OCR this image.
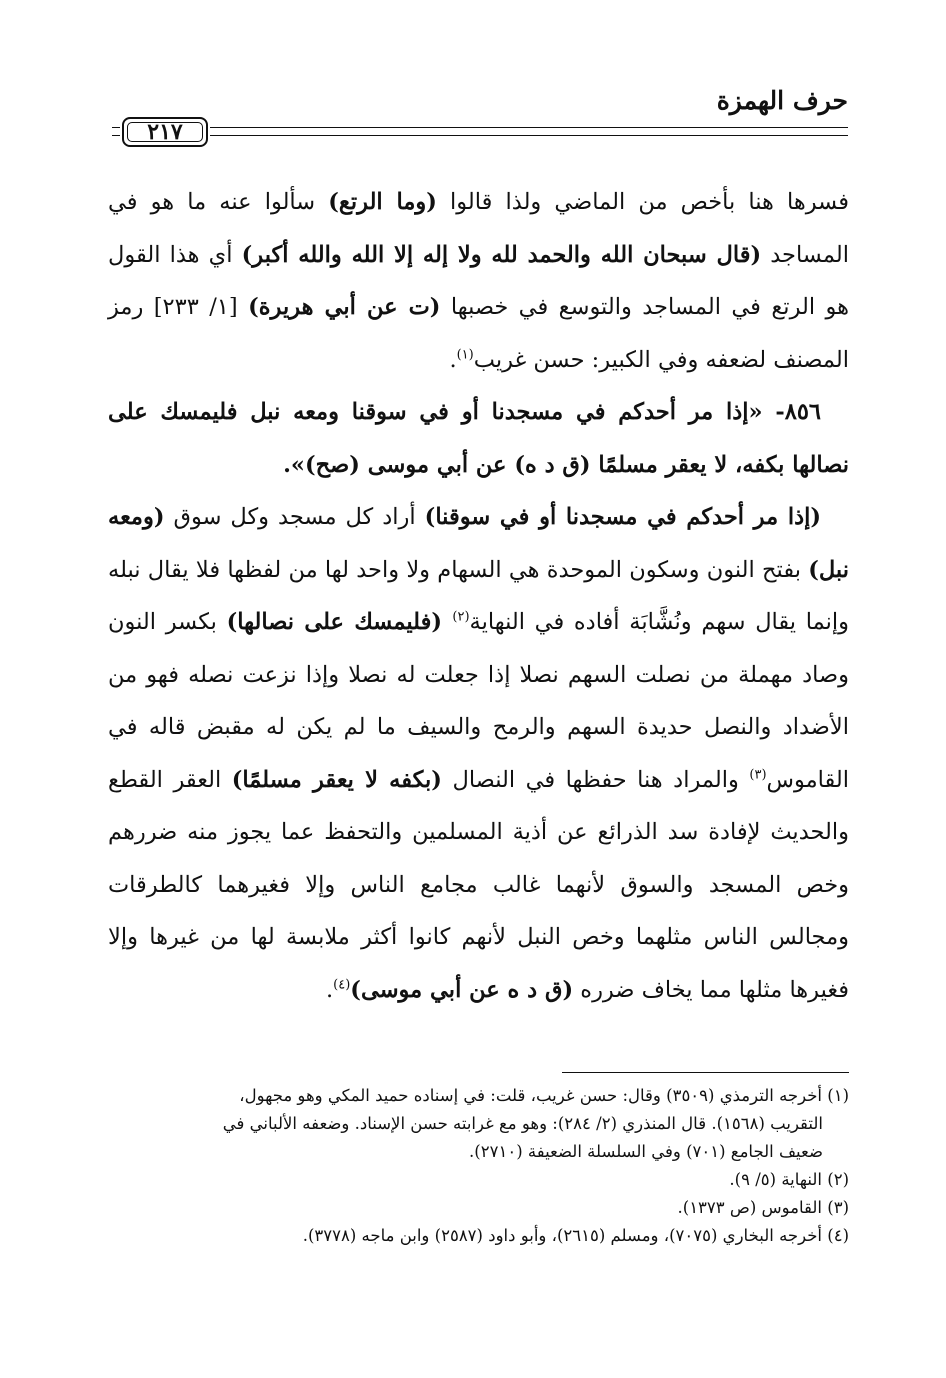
حرف الهمزة
٢١٧

فسرها هنا بأخص من الماضي ولذا قالوا (وما الرتع) سألوا عنه ما هو في المساجد (قال سبحان الله والحمد لله ولا إله إلا الله والله أكبر) أي هذا القول هو الرتع في المساجد والتوسع في خصبها (ت عن أبي هريرة) [١/ ٢٣٣] رمز المصنف لضعفه وفي الكبير: حسن غريب$^{(١)}$.

٨٥٦- «إذا مر أحدكم في مسجدنا أو في سوقنا ومعه نبل فليمسك على نصالها بكفه، لا يعقر مسلمًا (ق د ه) عن أبي موسى (صح)».

(إذا مر أحدكم في مسجدنا أو في سوقنا) أراد كل مسجد وكل سوق (ومعه نبل) بفتح النون وسكون الموحدة هي السهام ولا واحد لها من لفظها فلا يقال نبله وإنما يقال سهم ونُشَّابَة أفاده في النهاية$^{(٢)}$ (فليمسك على نصالها) بكسر النون وصاد مهملة من نصلت السهم نصلا إذا جعلت له نصلا وإذا نزعت نصله فهو من الأضداد والنصل حديدة السهم والرمح والسيف ما لم يكن له مقبض قاله في القاموس$^{(٣)}$ والمراد هنا حفظها في النصال (بكفه لا يعقر مسلمًا) العقر القطع والحديث لإفادة سد الذرائع عن أذية المسلمين والتحفظ عما يجوز منه ضررهم وخص المسجد والسوق لأنهما غالب مجامع الناس وإلا فغيرهما كالطرقات ومجالس الناس مثلهما وخص النبل لأنهم كانوا أكثر ملابسة لها من غيرها وإلا فغيرها مثلها مما يخاف ضرره (ق د ه عن أبي موسى)$^{(٤)}$.

(١) أخرجه الترمذي (٣٥٠٩) وقال: حسن غريب، قلت: في إسناده حميد المكي وهو مجهول،

التقريب (١٥٦٨). قال المنذري (٢/ ٢٨٤): وهو مع غرابته حسن الإسناد. وضعفه الألباني في

ضعيف الجامع (٧٠١) وفي السلسلة الضعيفة (٢٧١٠).

(٢) النهاية (٥/ ٩).

(٣) القاموس (ص ١٣٧٣).

(٤) أخرجه البخاري (٧٠٧٥)، ومسلم (٢٦١٥)، وأبو داود (٢٥٨٧) وابن ماجه (٣٧٧٨).
